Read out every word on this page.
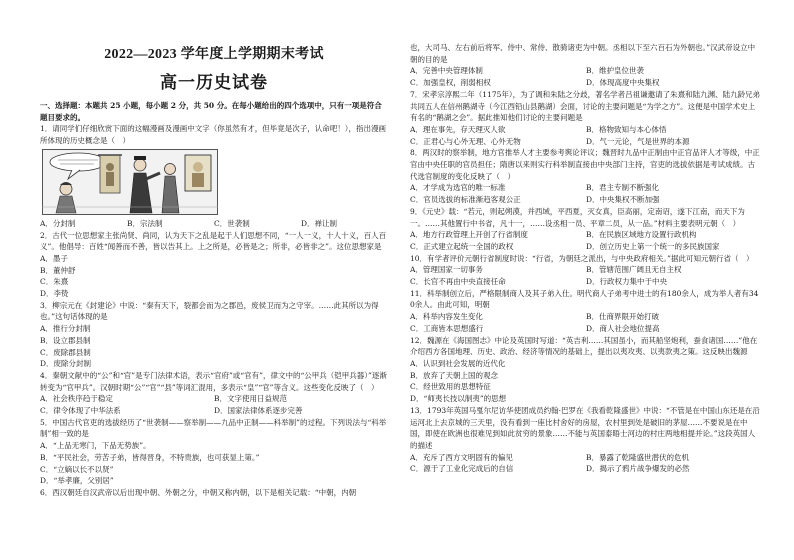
2022—2023 学年度上学期期末考试
高一历史试卷

一、选择题：本题共 25 小题，每小题 2 分，共 50 分。在每小题给出的四个选项中，只有一项是符合题目要求的。

1．请同学们仔细欣赏下面的这幅漫画及漫画中文字（你虽然有才，但毕竟是次子，认命吧！），指出漫画所体现的历史概念是（　）

A．分封制	B．宗法制	C．世袭制	D．禅让制

2．古代一位思想家主张尚贤、尚同，认为天下之乱是起于人们思想不同，“一人一义，十人十义，百人百义”。他倡导：百姓“闻善而不善，皆以告其上。上之所是，必皆是之；所非，必皆非之”。这位思想家是

A．墨子
B．董仲舒
C．朱熹
D．李贽

3．柳宗元在《封建论》中说：“秦有天下，裂都会而为之郡邑，废侯卫而为之守宰。……此其所以为得也。”这句话体现的是

A．推行分封制
B．设立郡县制
C．废除郡县制
D．废除分封制

4．秦朝文献中的“公”和“官”是专门法律术语，表示“官府”或“官有”，律文中的“公甲兵（铠甲兵器）”逐渐转变为“官甲兵”。汉朝时期“公”“官”“县”等词汇混用，多表示“皇”“官”等含义。这些变化反映了（　）

A．社会秩序趋于稳定	B．文字使用日益规范
C．律令体现了中华法系	D．国家法律体系逐步完善

5．中国古代官吏的选拔经历了“世袭制——察举制——九品中正制——科举制”的过程。下列说法与“科举制”相一致的是

A．“上品无寒门，下品无势族”。
B．“平民社会，劳苦子弟，皆得晋身，不特贵族，也可获显上第。”
C．“立嫡以长不以贤”
D．“举孝廉，父别居”

6．西汉朝廷自汉武帝以后出现中朝、外朝之分，中朝又称内朝，以下是相关记载：“中朝，内朝

也，大司马、左右前后将军、侍中、常侍、散骑诸吏为中朝。丞相以下至六百石为外朝也。”汉武帝设立中朝的目的是

A．完善中央管理体制	B．维护皇位世袭
C．加强皇权，削弱相权	D．体现高度中央集权

7．宋孝宗淳熙二年（1175年），为了调和朱陆之分歧，著名学者吕祖谦邀请了朱熹和陆九渊、陆九龄兄弟共同五人在信州鹅湖寺（今江西铅山县鹅湖）会面，讨论的主要问题是“为学之方”。这便是中国学术史上有名的“鹅湖之会”。据此推知他们讨论的主要问题是

A．理在事先，存天理灭人欲	B．格物致知与本心体悟
C．正君心与心外无理、心外无物	D．气一元论，气是世界的本源

8．两汉时的察举制，地方官推举人才主要参考舆论评议；魏晋时九品中正制由中正官品评人才等级，中正官由中央任职的官员担任；隋唐以来则实行科举制直接由中央部门主持，官吏的选拔依据是考试成绩。古代选官制度的变化反映了（　）

A．才学成为选官的唯一标准	B．君主专制不断强化
C．官员选拔的标准渐趋客观公正	D．中央集权不断加强

9．《元史》载：“若元，则起朔漠，并西域，平西夏，灭女真，臣高丽，定南诏，遂下江南，而天下为一。……其他置行中书省，凡十一，……设丞相一员、平章二员，从一品。”材料主要表明元朝（　）

A．地方行政管理上开创了行省制度	B．在民族区域地方设置行政机构
C．正式建立起统一全国的政权	D．创立历史上第一个统一的多民族国家

10．有学者评价元朝行省制度时说：“行省，为朝廷之派出，与中央政府相关。”据此可知元朝行省（　）

A．管理国家一切事务	B．管辖范围广阔且无自主权
C．长官不再由中央直接任命	D．行政权力集中于中央

11．科举制创立后，严格限制商人及其子弟入仕。明代商人子弟考中进士的有180余人，成为举人者有340余人。由此可知，明朝

A．科举内容发生变化	B．仕商界限开始打破
C．工商皆本思想盛行	D．商人社会地位提高

12．魏源在《海国图志》中论及英国时写道：“英吉利……其国虽小，而其船坚炮利，蚕食诸国……”他在介绍西方各国地理、历史、政治、经济等情况的基础上，提出以夷攻夷、以夷款夷之策。这反映出魏源

A．认识到社会发展的近代化
B．放弃了天朝上国的观念
C．经世致用的思想特征
D．“师夷长技以制夷”的思想

13．1793年英国马戛尔尼访华使团成员约翰·巴罗在《我看乾隆盛世》中说：“不管是在中国山东还是在沿运河北上去京城的三天里，没有看到一座比村舍好的房屋，农村里到处是破旧的茅屋……不要说是在中国，即使在欧洲也很难见到如此贫穷的景象……不能与英国泰晤士河边的村庄两地相提并论。”这段英国人的描述

A．充斥了西方文明固有的偏见	B．暴露了乾隆盛世潜伏的危机
C．源于了工业化完成后的自信	D．揭示了鸦片战争爆发的必然
